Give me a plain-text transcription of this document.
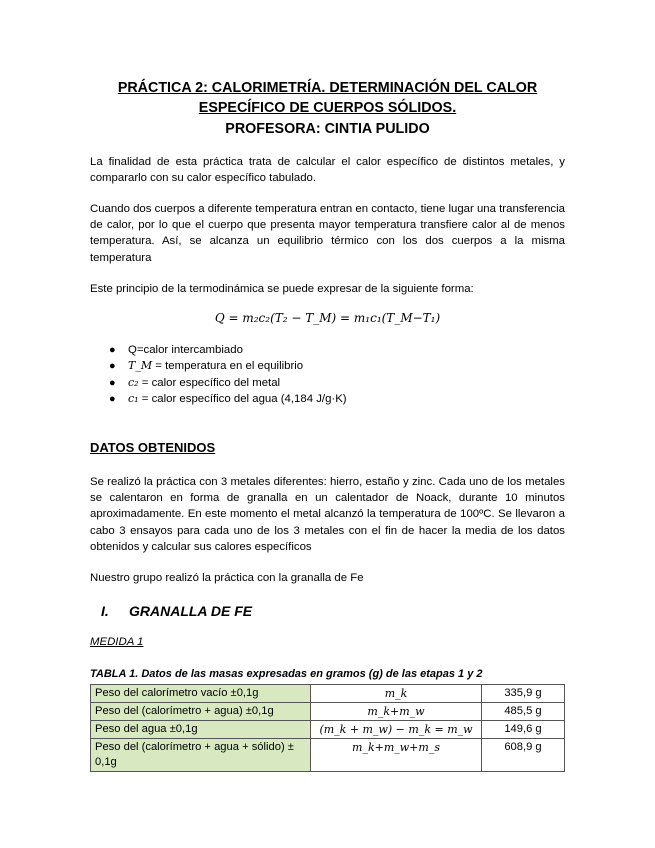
PRÁCTICA 2: CALORIMETRÍA. DETERMINACIÓN DEL CALOR
ESPECÍFICO DE CUERPOS SÓLIDOS.
PROFESORA: CINTIA PULIDO
La finalidad de esta práctica trata de calcular el calor específico de distintos metales, y compararlo con su calor específico tabulado.
Cuando dos cuerpos a diferente temperatura entran en contacto, tiene lugar una transferencia de calor, por lo que el cuerpo que presenta mayor temperatura transfiere calor al de menos temperatura. Así, se alcanza un equilibrio térmico con los dos cuerpos a la misma temperatura
Este principio de la termodinámica se puede expresar de la siguiente forma:
Q = m₂c₂(T₂ − T_M) = m₁c₁(T_M−T₁)
● Q=calor intercambiado
● T_M = temperatura en el equilibrio
● c₂ = calor específico del metal
● c₁ = calor específico del agua (4,184 J/g·K)
DATOS OBTENIDOS
Se realizó la práctica con 3 metales diferentes: hierro, estaño y zinc. Cada uno de los metales se calentaron en forma de granalla en un calentador de Noack, durante 10 minutos aproximadamente. En este momento el metal alcanzó la temperatura de 100ºC. Se llevaron a cabo 3 ensayos para cada uno de los 3 metales con el fin de hacer la media de los datos obtenidos y calcular sus calores específicos
Nuestro grupo realizó la práctica con la granalla de Fe
I. GRANALLA DE FE
MEDIDA 1
TABLA 1. Datos de las masas expresadas en gramos (g) de las etapas 1 y 2
Peso del calorímetro vacío ±0,1g	m_k	335,9 g
Peso del (calorímetro + agua) ±0,1g	m_k+m_w	485,5 g
Peso del agua ±0,1g	(m_k + m_w) − m_k = m_w	149,6 g
Peso del (calorímetro + agua + sólido) ± 0,1g	m_k+m_w+m_s	608,9 g
